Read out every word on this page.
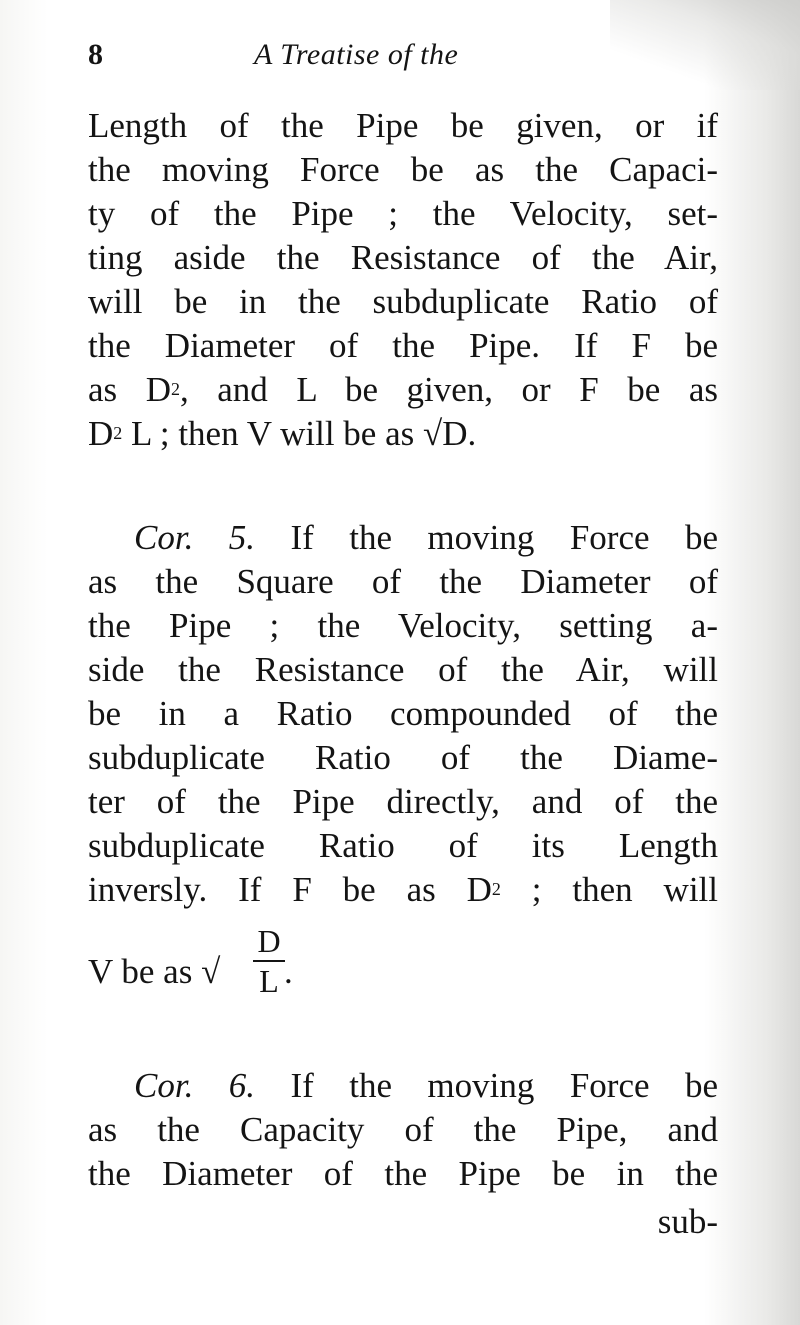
8	A Treatise of the
Length of the Pipe be given, or if
the moving Force be as the Capaci-
ty of the Pipe ; the Velocity, set-
ting aside the Resistance of the Air,
will be in the subduplicate Ratio of
the Diameter of the Pipe. If F be
as $D^2$, and L be given, or F be as
$D^2$ L ; then V will be as √D.
Cor. 5. If the moving Force be
as the Square of the Diameter of
the Pipe ; the Velocity, setting a-
side the Resistance of the Air, will
be in a Ratio compounded of the
subduplicate Ratio of the Diame-
ter of the Pipe directly, and of the
subduplicate Ratio of its Length
inversly. If F be as $D^2$ ; then will
V be as √
D
L .
Cor. 6. If the moving Force be
as the Capacity of the Pipe, and
the Diameter of the Pipe be in the
sub-
